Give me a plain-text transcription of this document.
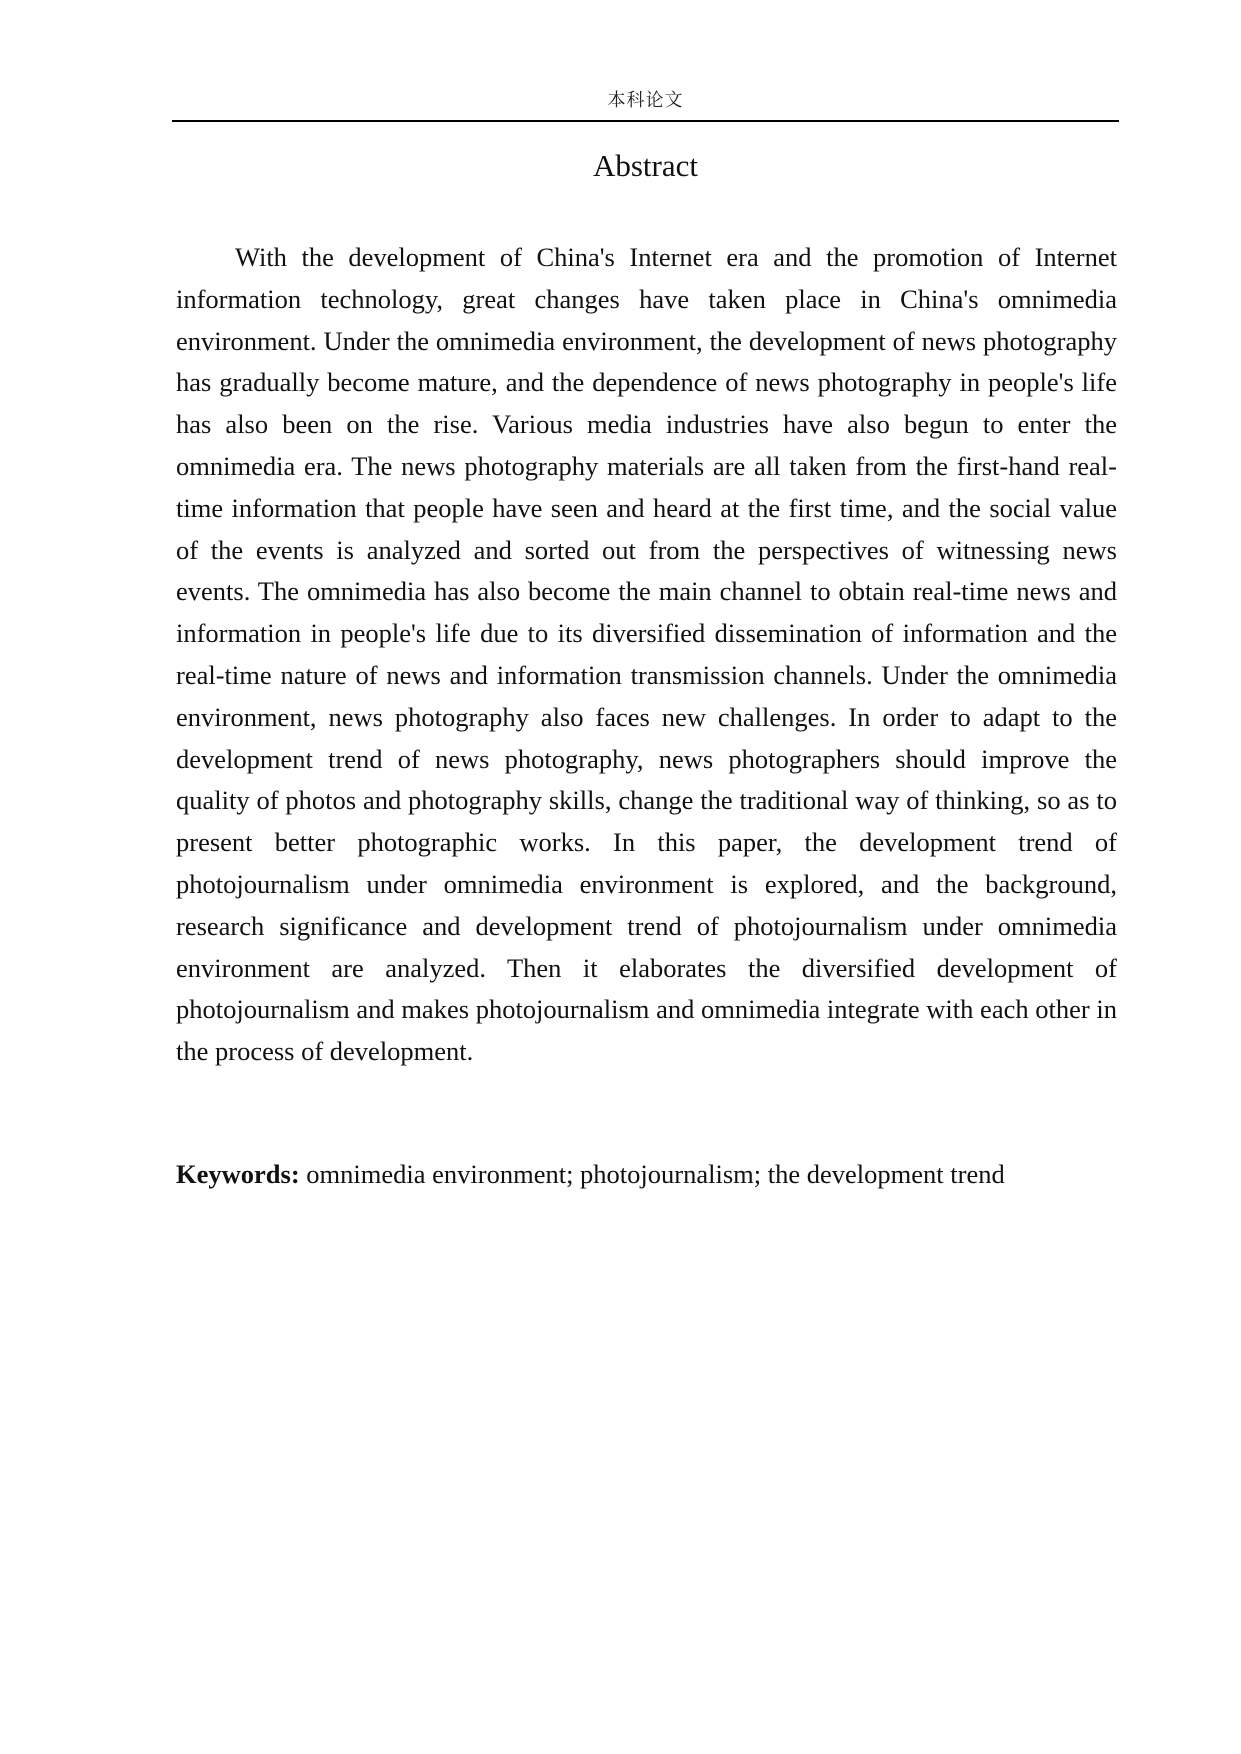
本科论文
Abstract

With the development of China's Internet era and the promotion of Internet information technology, great changes have taken place in China's omnimedia environment. Under the omnimedia environment, the development of news photography has gradually become mature, and the dependence of news photography in people's life has also been on the rise. Various media industries have also begun to enter the omnimedia era. The news photography materials are all taken from the first-hand real-time information that people have seen and heard at the first time, and the social value of the events is analyzed and sorted out from the perspectives of witnessing news events. The omnimedia has also become the main channel to obtain real-time news and information in people's life due to its diversified dissemination of information and the real-time nature of news and information transmission channels. Under the omnimedia environment, news photography also faces new challenges. In order to adapt to the development trend of news photography, news photographers should improve the quality of photos and photography skills, change the traditional way of thinking, so as to present better photographic works. In this paper, the development trend of photojournalism under omnimedia environment is explored, and the background, research significance and development trend of photojournalism under omnimedia environment are analyzed. Then it elaborates the diversified development of photojournalism and makes photojournalism and omnimedia integrate with each other in the process of development.

Keywords: omnimedia environment; photojournalism; the development trend
